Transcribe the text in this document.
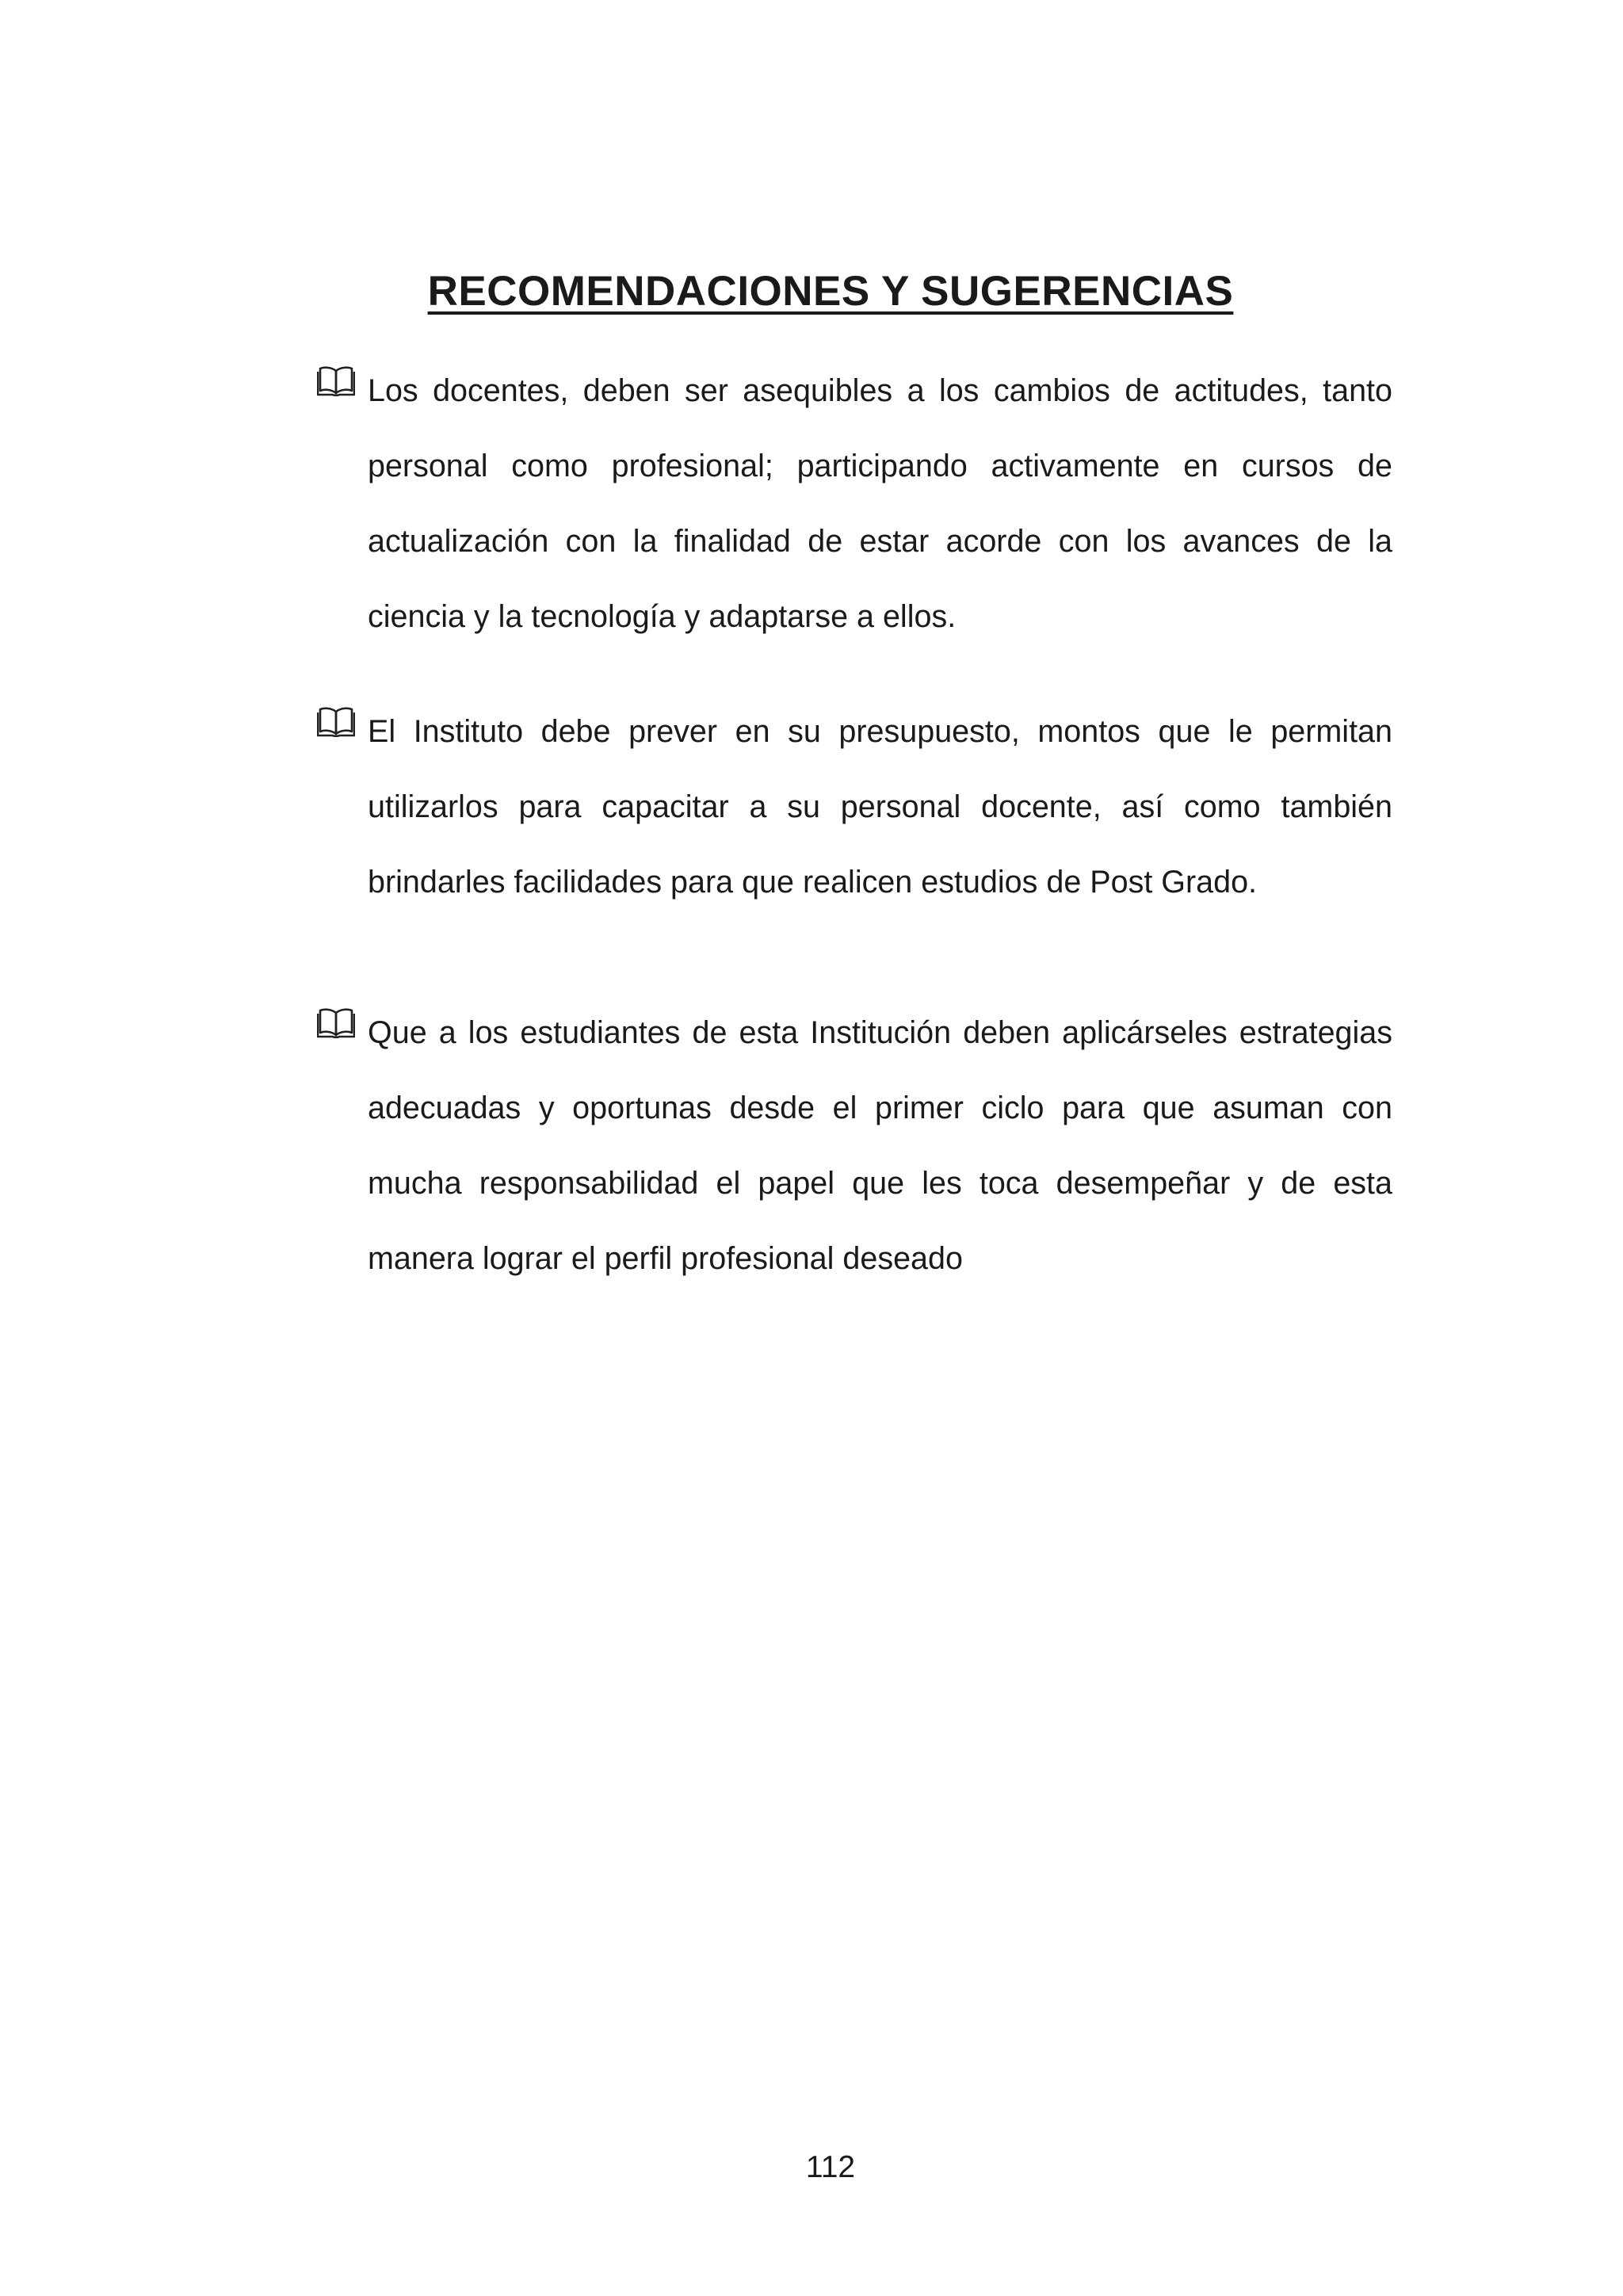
RECOMENDACIONES Y SUGERENCIAS
Los docentes, deben ser asequibles a los cambios de actitudes, tanto personal como profesional; participando activamente en cursos de actualización con la finalidad de estar acorde con los avances de la ciencia y la tecnología y adaptarse a ellos.
El Instituto debe prever en su presupuesto, montos que le permitan utilizarlos para capacitar a su personal docente, así como también brindarles facilidades para que realicen estudios de Post Grado.
Que a los estudiantes de esta Institución deben aplicárseles estrategias adecuadas y oportunas desde el primer ciclo para que asuman con mucha responsabilidad el papel que les toca desempeñar y de esta manera lograr el perfil profesional deseado
112
